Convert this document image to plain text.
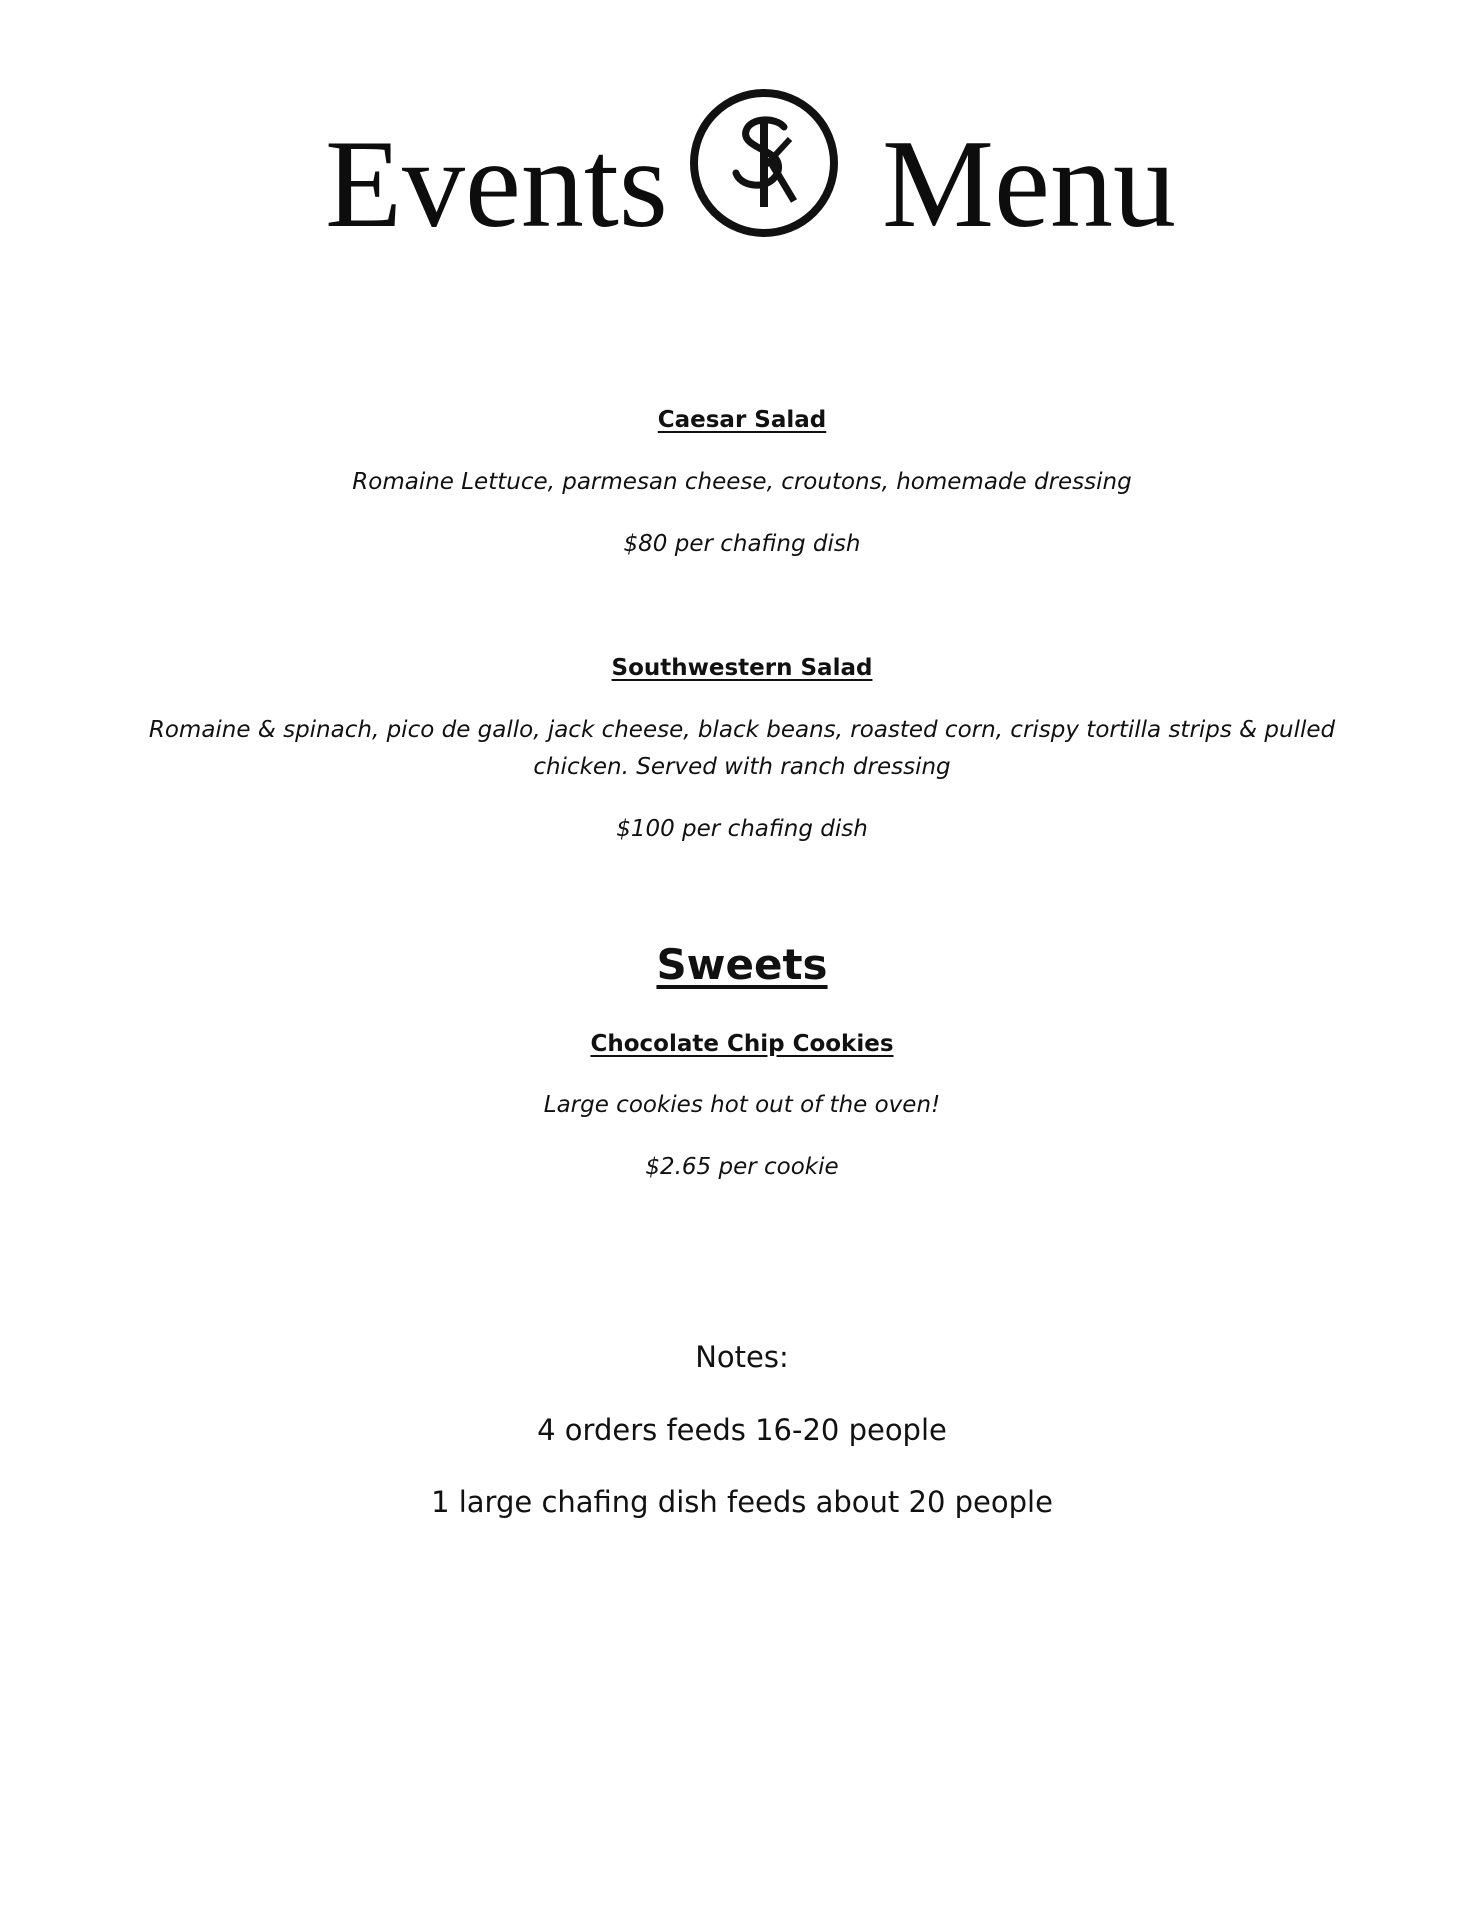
Events Menu
Caesar Salad
Romaine Lettuce, parmesan cheese, croutons, homemade dressing
$80 per chafing dish
Southwestern Salad
Romaine & spinach, pico de gallo, jack cheese, black beans, roasted corn, crispy tortilla strips & pulled
chicken. Served with ranch dressing
$100 per chafing dish
Sweets
Chocolate Chip Cookies
Large cookies hot out of the oven!
$2.65 per cookie
Notes:
4 orders feeds 16-20 people
1 large chafing dish feeds about 20 people
